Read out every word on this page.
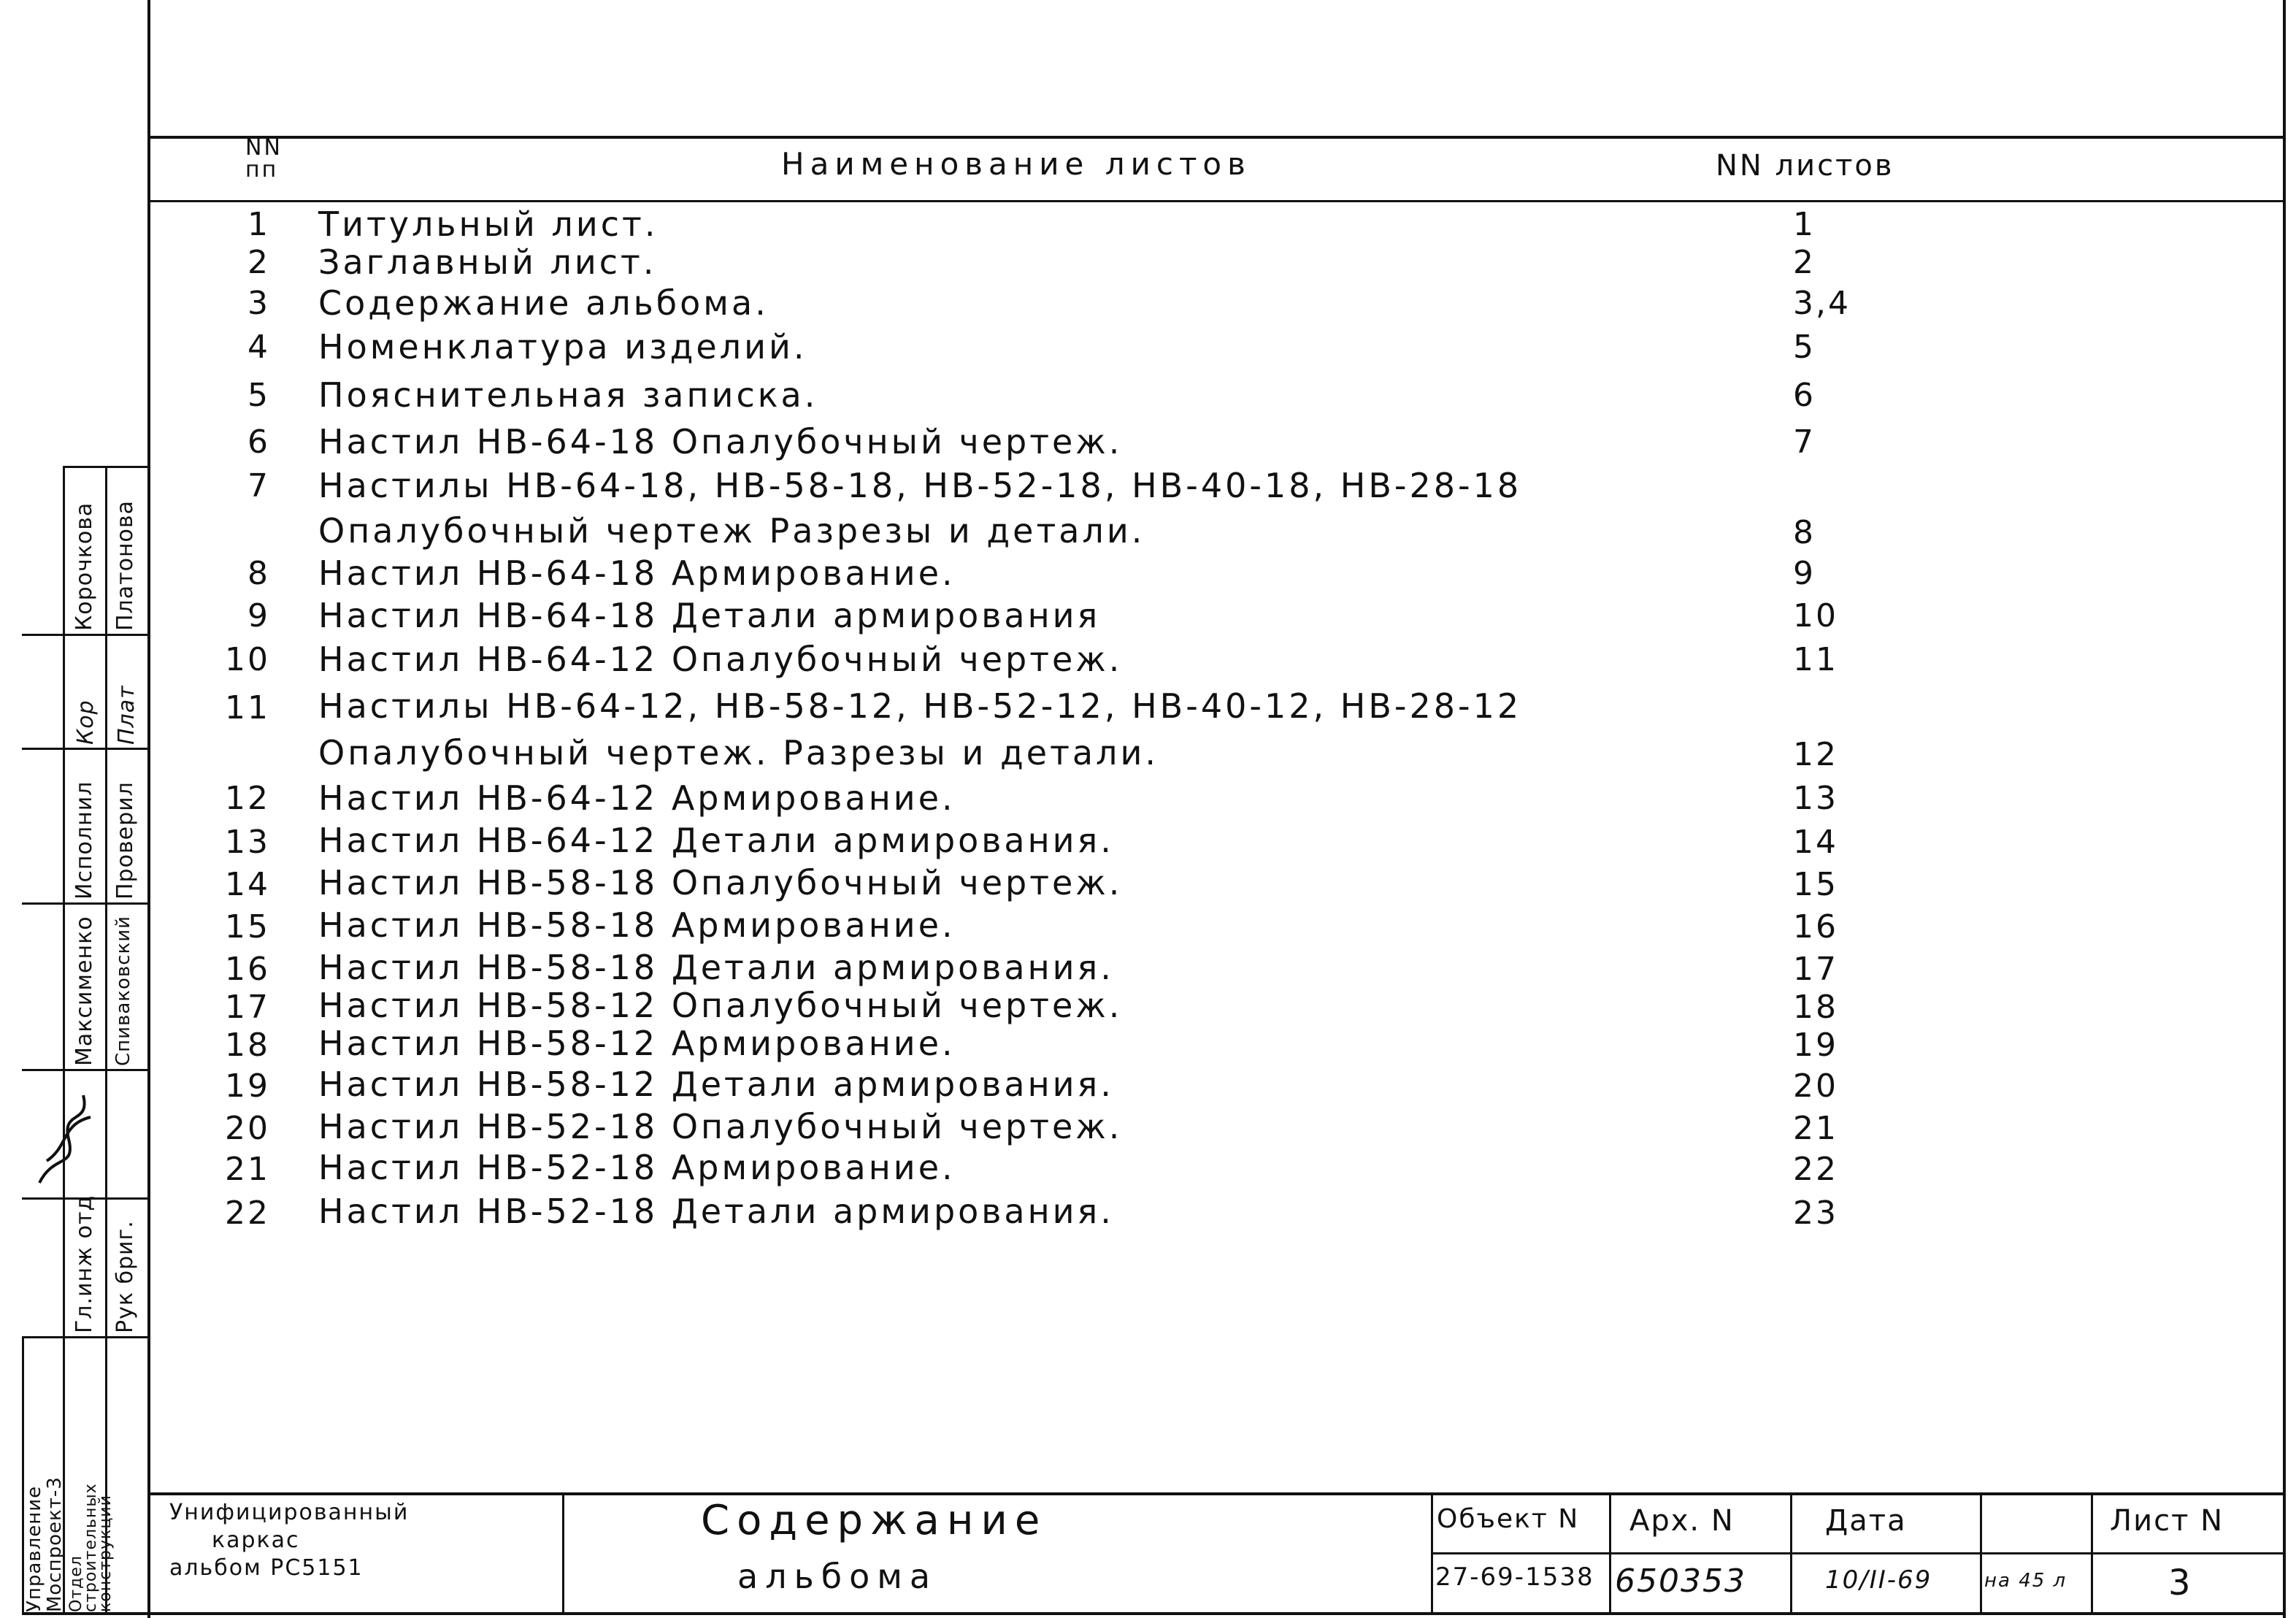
NN
пп	Наименование листов	NN листов
1 Титульный лист.	1
2 Заглавный лист.	2
3 Содержание альбома.	3,4
4 Номенклатура изделий.	5
5 Пояснительная записка.	6
6 Настил НВ-64-18 Опалубочный чертеж.	7
7 Настилы НВ-64-18, НВ-58-18, НВ-52-18, НВ-40-18, НВ-28-18
Опалубочный чертеж Разрезы и детали.	8
8 Настил НВ-64-18 Армирование.	9
9 Настил НВ-64-18 Детали армирования	10
10 Настил НВ-64-12 Опалубочный чертеж.	11
11 Настилы НВ-64-12, НВ-58-12, НВ-52-12, НВ-40-12, НВ-28-12
Опалубочный чертеж. Разрезы и детали.	12
12 Настил НВ-64-12 Армирование.	13
13 Настил НВ-64-12 Детали армирования.	14
14 Настил НВ-58-18 Опалубочный чертеж.	15
15 Настил НВ-58-18 Армирование.	16
16 Настил НВ-58-18 Детали армирования.	17
17 Настил НВ-58-12 Опалубочный чертеж.	18
18 Настил НВ-58-12 Армирование.	19
19 Настил НВ-58-12 Детали армирования.	20
20 Настил НВ-52-18 Опалубочный чертеж.	21
21 Настил НВ-52-18 Армирование.	22
22 Настил НВ-52-18 Детали армирования.	23
Управление
Моспроект-3 Отдел
строительных
конструкций
Гл.инж отд Рук бриг.
Исполнил Проверил
Максименко Спиваковский
Корочкова Платонова
Кор Плат
Унифицированный
каркас
альбом РС5151
Содержание
альбома
Объект N
27-69-1538
Арх. N
650353
Дата
10/II-69	на 45 л
Лист N
3
